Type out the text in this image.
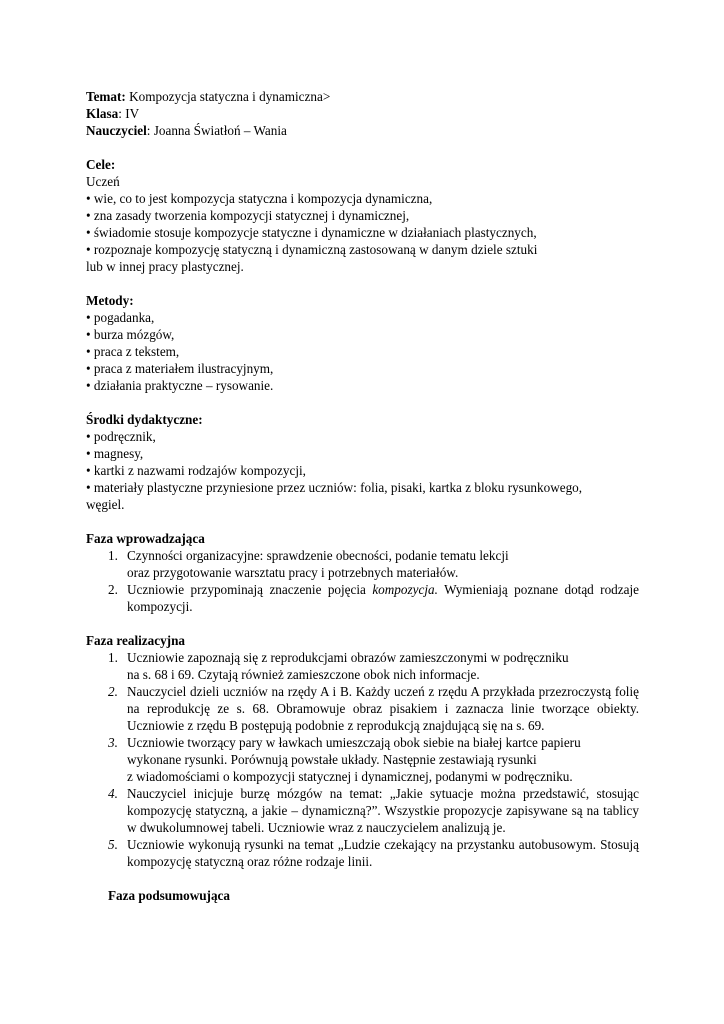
Temat: Kompozycja statyczna i dynamiczna>

Klasa: IV

Nauczyciel: Joanna Światłoń – Wania

Cele:

Uczeń

• wie, co to jest kompozycja statyczna i kompozycja dynamiczna,

• zna zasady tworzenia kompozycji statycznej i dynamicznej,

• świadomie stosuje kompozycje statyczne i dynamiczne w działaniach plastycznych,

• rozpoznaje kompozycję statyczną i dynamiczną zastosowaną w danym dziele sztuki

lub w innej pracy plastycznej.

Metody:

• pogadanka,

• burza mózgów,

• praca z tekstem,

• praca z materiałem ilustracyjnym,

• działania praktyczne – rysowanie.

Środki dydaktyczne:

• podręcznik,

• magnesy,

• kartki z nazwami rodzajów kompozycji,

• materiały plastyczne przyniesione przez uczniów: folia, pisaki, kartka z bloku rysunkowego,

węgiel.

Faza wprowadzająca

1. Czynności organizacyjne: sprawdzenie obecności, podanie tematu lekcji
oraz przygotowanie warsztatu pracy i potrzebnych materiałów.
2. Uczniowie przypominają znaczenie pojęcia kompozycja. Wymieniają poznane dotąd rodzaje kompozycji.

Faza realizacyjna

1. Uczniowie zapoznają się z reprodukcjami obrazów zamieszczonymi w podręczniku
na s. 68 i 69. Czytają również zamieszczone obok nich informacje.
2. Nauczyciel dzieli uczniów na rzędy A i B. Każdy uczeń z rzędu A przykłada przezroczystą folię na reprodukcję ze s. 68. Obramowuje obraz pisakiem i zaznacza linie tworzące obiekty. Uczniowie z rzędu B postępują podobnie z reprodukcją znajdującą się na s. 69.
3. Uczniowie tworzący pary w ławkach umieszczają obok siebie na białej kartce papieru
wykonane rysunki. Porównują powstałe układy. Następnie zestawiają rysunki
z wiadomościami o kompozycji statycznej i dynamicznej, podanymi w podręczniku.
4. Nauczyciel inicjuje burzę mózgów na temat: „Jakie sytuacje można przedstawić, stosując kompozycję statyczną, a jakie – dynamiczną?”. Wszystkie propozycje zapisywane są na tablicy w dwukolumnowej tabeli. Uczniowie wraz z nauczycielem analizują je.
5. Uczniowie wykonują rysunki na temat „Ludzie czekający na przystanku autobusowym. Stosują kompozycję statyczną oraz różne rodzaje linii.

Faza podsumowująca
